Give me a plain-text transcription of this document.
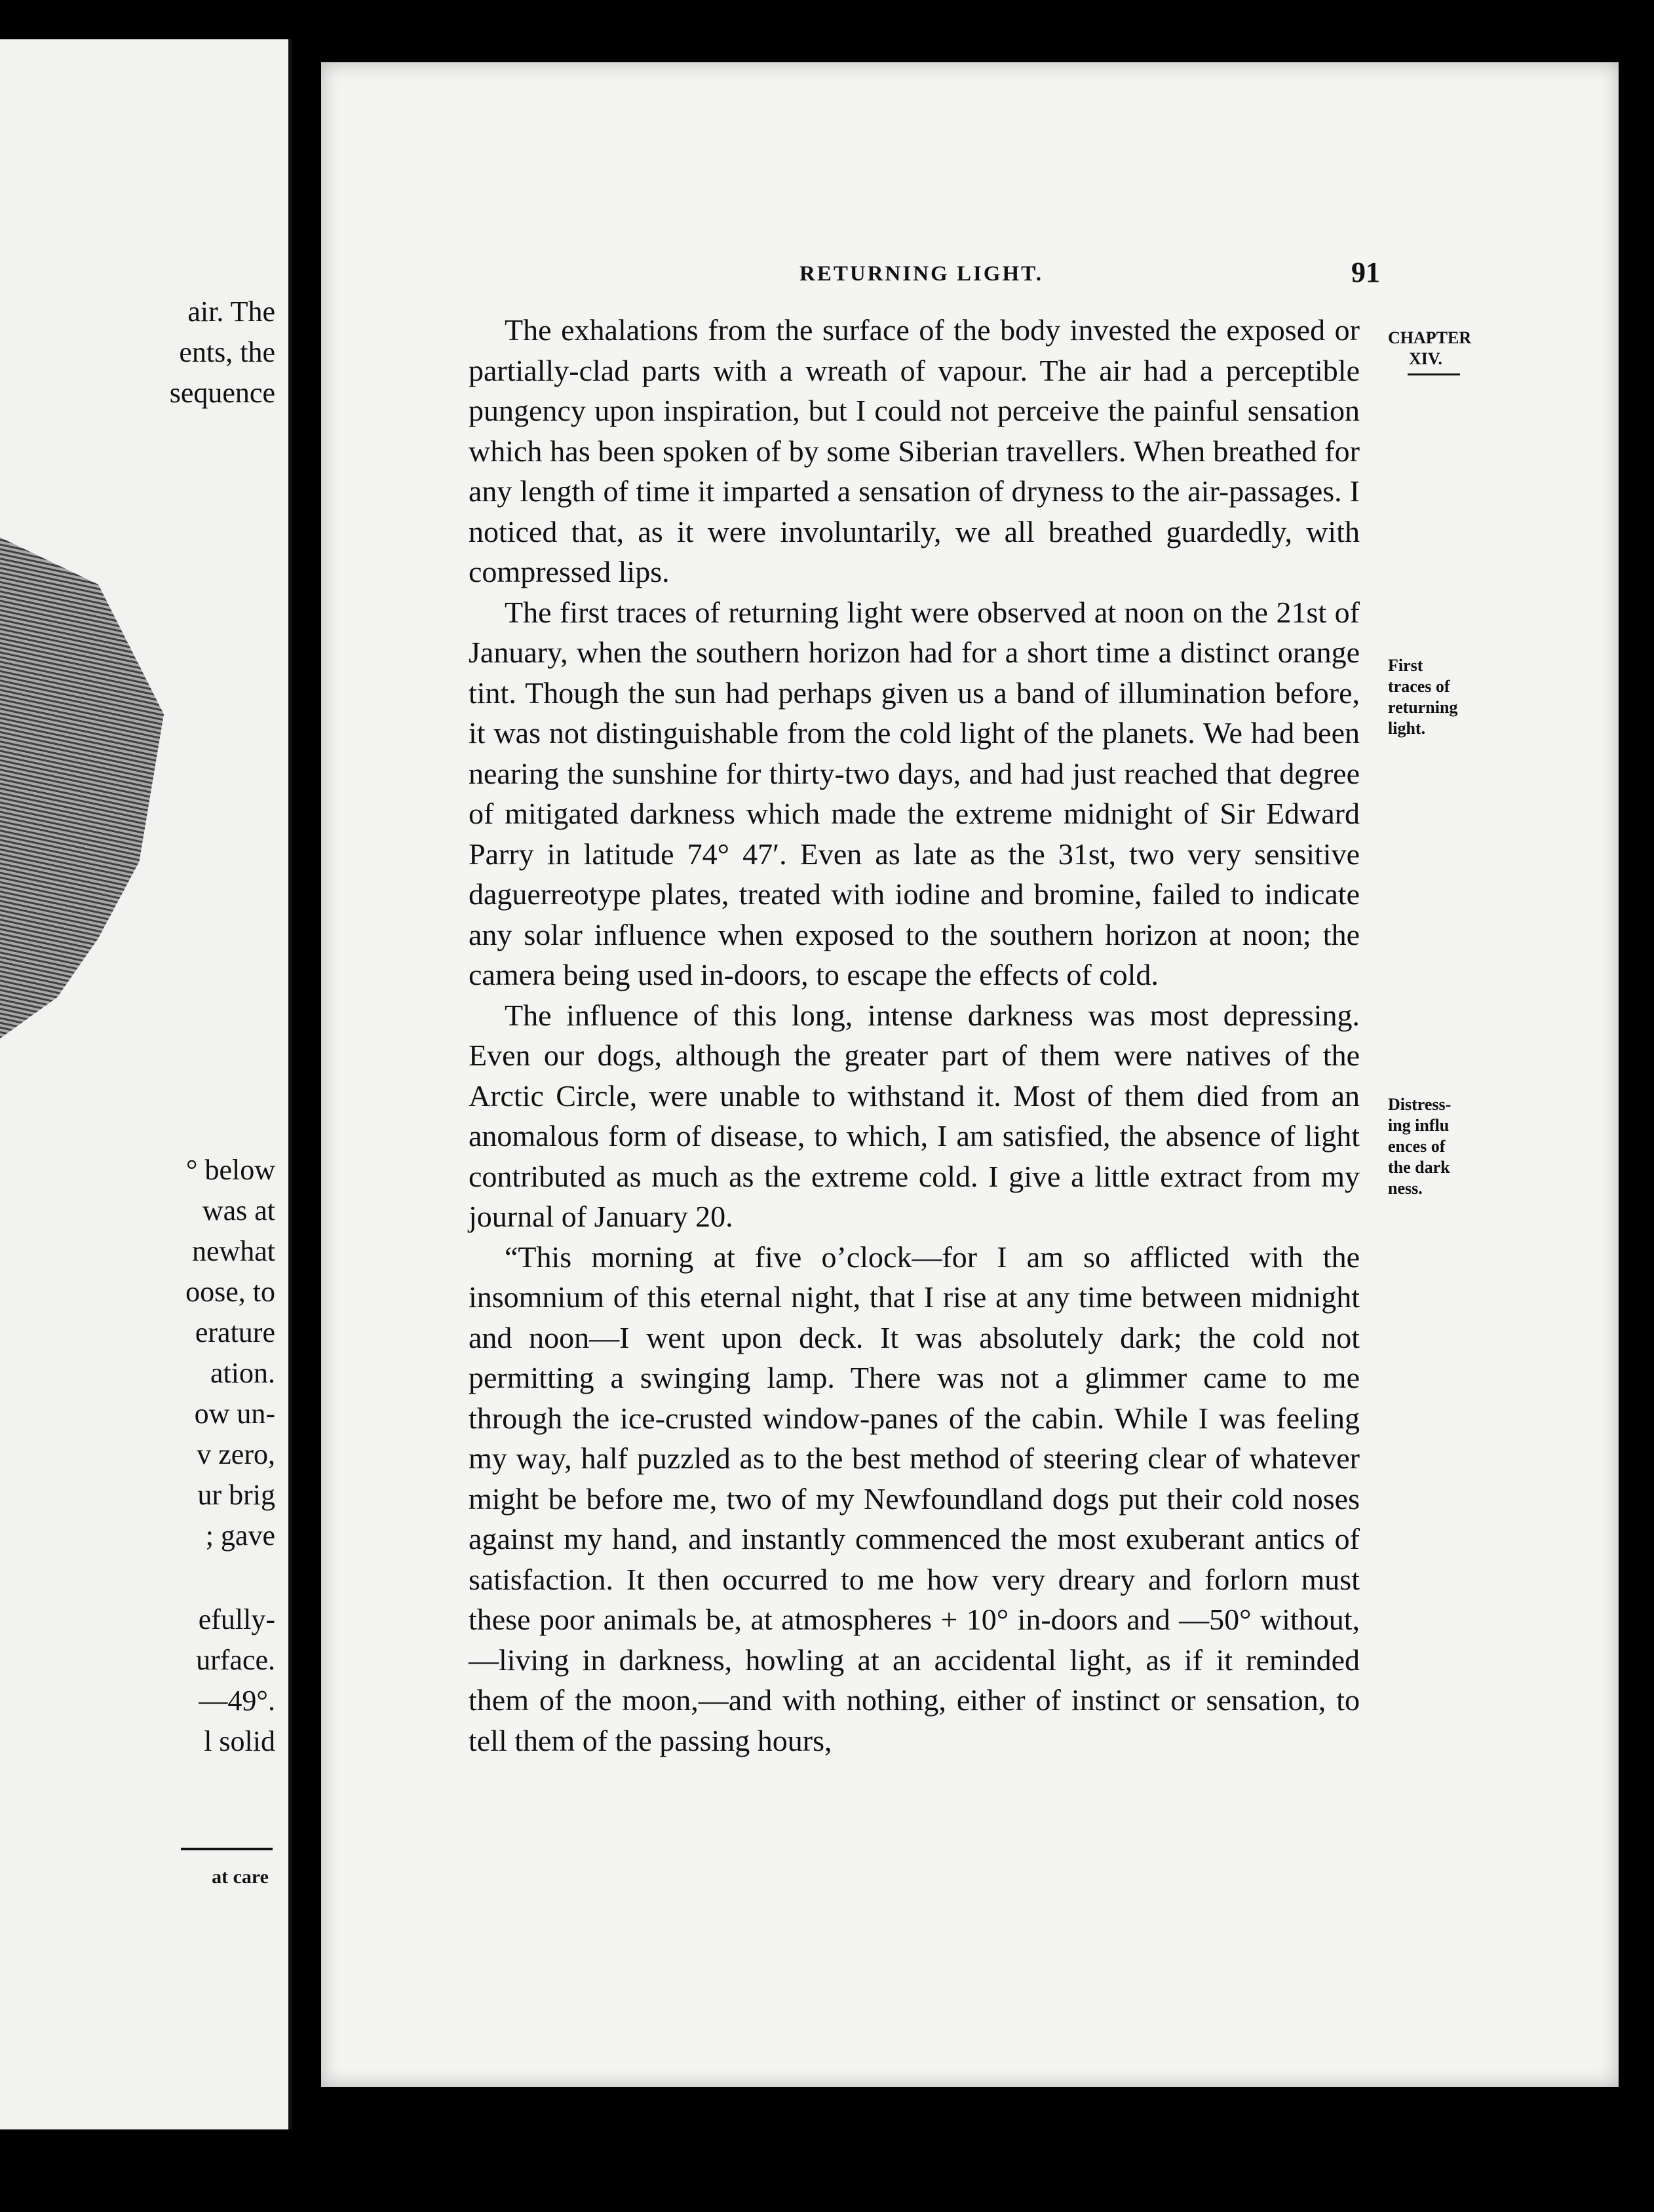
air. The
ents, the
sequence
° below
was at
newhat
oose, to
erature
ation.
ow un-
v zero,
ur brig
; gave
efully-
urface.
—49°.
l solid
at care
RETURNING LIGHT.	91

The exhalations from the surface of the body invested the exposed or partially-clad parts with a wreath of vapour. The air had a perceptible pungency upon inspiration, but I could not perceive the painful sensation which has been spoken of by some Siberian travellers. When breathed for any length of time it imparted a sensation of dryness to the air-passages. I noticed that, as it were involuntarily, we all breathed guardedly, with compressed lips.

The first traces of returning light were observed at noon on the 21st of January, when the southern horizon had for a short time a distinct orange tint. Though the sun had perhaps given us a band of illumination before, it was not distinguishable from the cold light of the planets. We had been nearing the sunshine for thirty-two days, and had just reached that degree of mitigated darkness which made the extreme midnight of Sir Edward Parry in latitude 74° 47′. Even as late as the 31st, two very sensitive daguerreotype plates, treated with iodine and bromine, failed to indicate any solar influence when exposed to the southern horizon at noon; the camera being used in-doors, to escape the effects of cold.

The influence of this long, intense darkness was most depressing. Even our dogs, although the greater part of them were natives of the Arctic Circle, were unable to withstand it. Most of them died from an anomalous form of disease, to which, I am satisfied, the absence of light contributed as much as the extreme cold. I give a little extract from my journal of January 20.

“This morning at five o’clock—for I am so afflicted with the insomnium of this eternal night, that I rise at any time between midnight and noon—I went upon deck. It was absolutely dark; the cold not permitting a swinging lamp. There was not a glimmer came to me through the ice-crusted window-panes of the cabin. While I was feeling my way, half puzzled as to the best method of steering clear of whatever might be before me, two of my Newfoundland dogs put their cold noses against my hand, and instantly commenced the most exuberant antics of satisfaction. It then occurred to me how very dreary and forlorn must these poor animals be, at atmospheres + 10° in-doors and —50° without,—living in darkness, howling at an accidental light, as if it reminded them of the moon,—and with nothing, either of instinct or sensation, to tell them of the passing hours,

CHAPTER
XIV.
First
traces of
returning
light.
Distress-
ing influ
ences of
the dark
ness.
